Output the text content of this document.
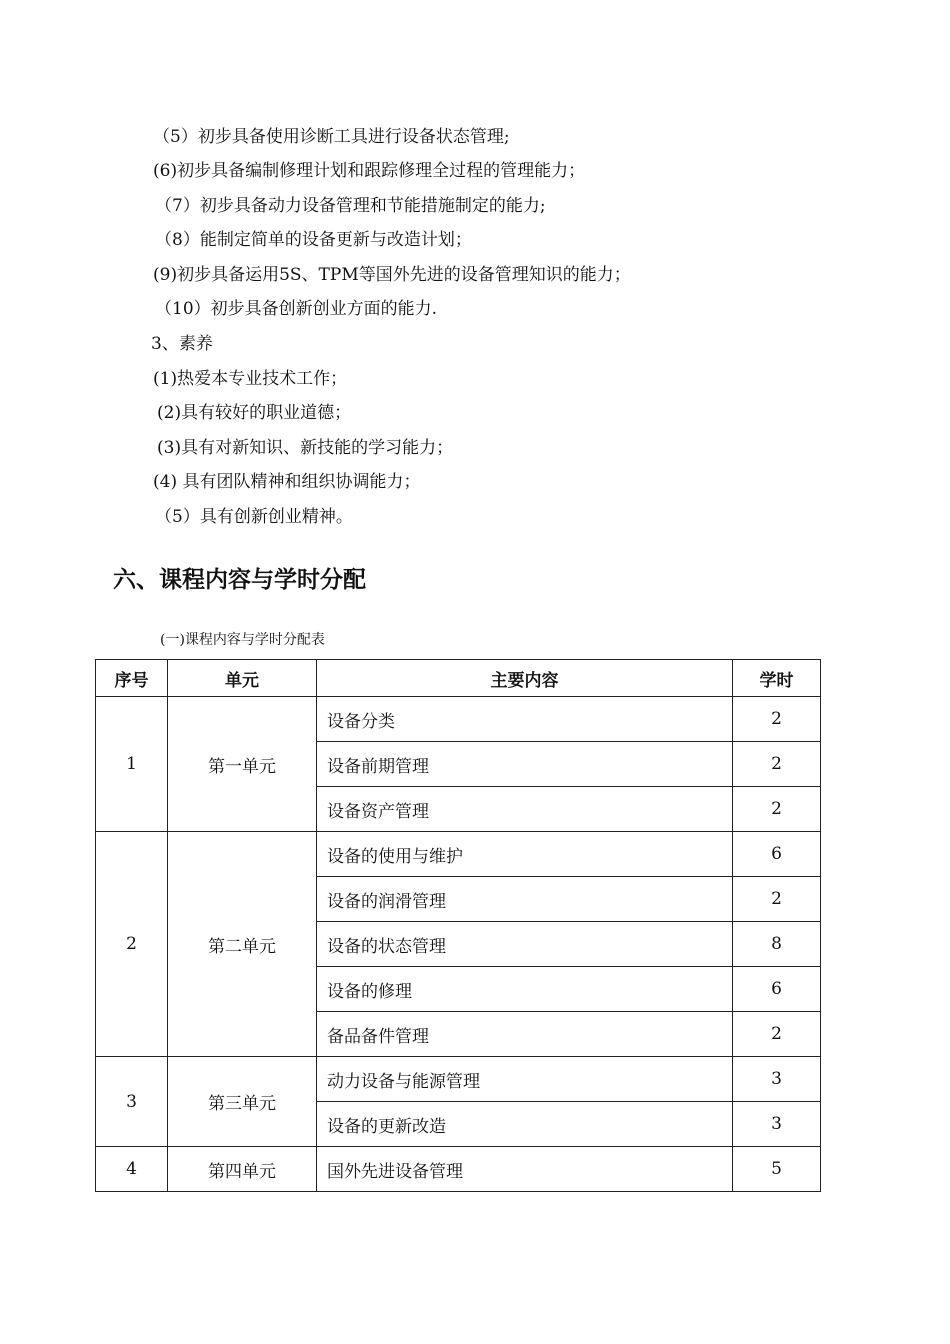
（5）初步具备使用诊断工具进行设备状态管理;
(6)初步具备编制修理计划和跟踪修理全过程的管理能力；
（7）初步具备动力设备管理和节能措施制定的能力;
（8）能制定简单的设备更新与改造计划；
(9)初步具备运用5S、TPM等国外先进的设备管理知识的能力；
（10）初步具备创新创业方面的能力.
3、素养
(1)热爱本专业技术工作；
(2)具有较好的职业道德；
(3)具有对新知识、新技能的学习能力；
(4) 具有团队精神和组织协调能力；
（5）具有创新创业精神。
六、课程内容与学时分配
(一)课程内容与学时分配表
序号	单元	主要内容	学时
1	第一单元	设备分类	2
		设备前期管理	2
		设备资产管理	2
2	第二单元	设备的使用与维护	6
		设备的润滑管理	2
		设备的状态管理	8
		设备的修理	6
		备品备件管理	2
3	第三单元	动力设备与能源管理	3
		设备的更新改造	3
4	第四单元	国外先进设备管理	5
